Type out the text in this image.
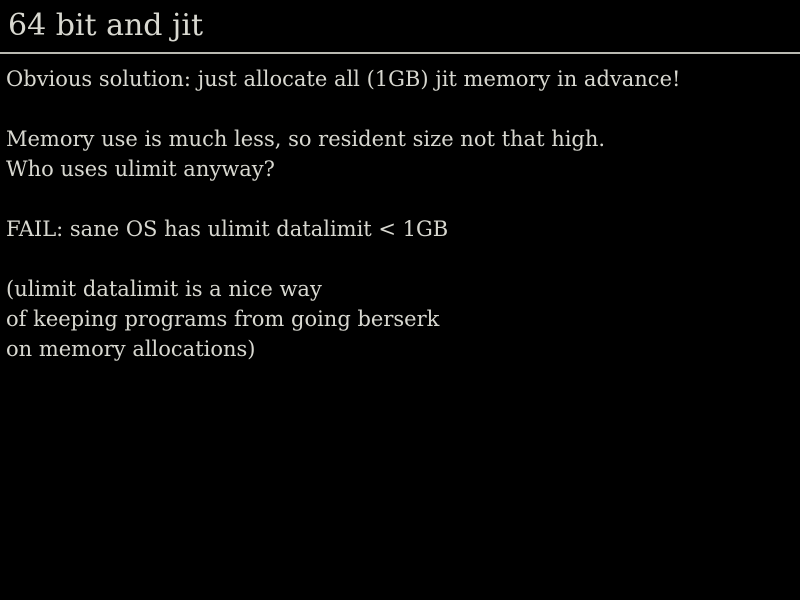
64 bit and jit
Obvious solution: just allocate all (1GB) jit memory in advance!
Memory use is much less, so resident size not that high.
Who uses ulimit anyway?
FAIL: sane OS has ulimit datalimit < 1GB
(ulimit datalimit is a nice way
of keeping programs from going berserk
on memory allocations)
